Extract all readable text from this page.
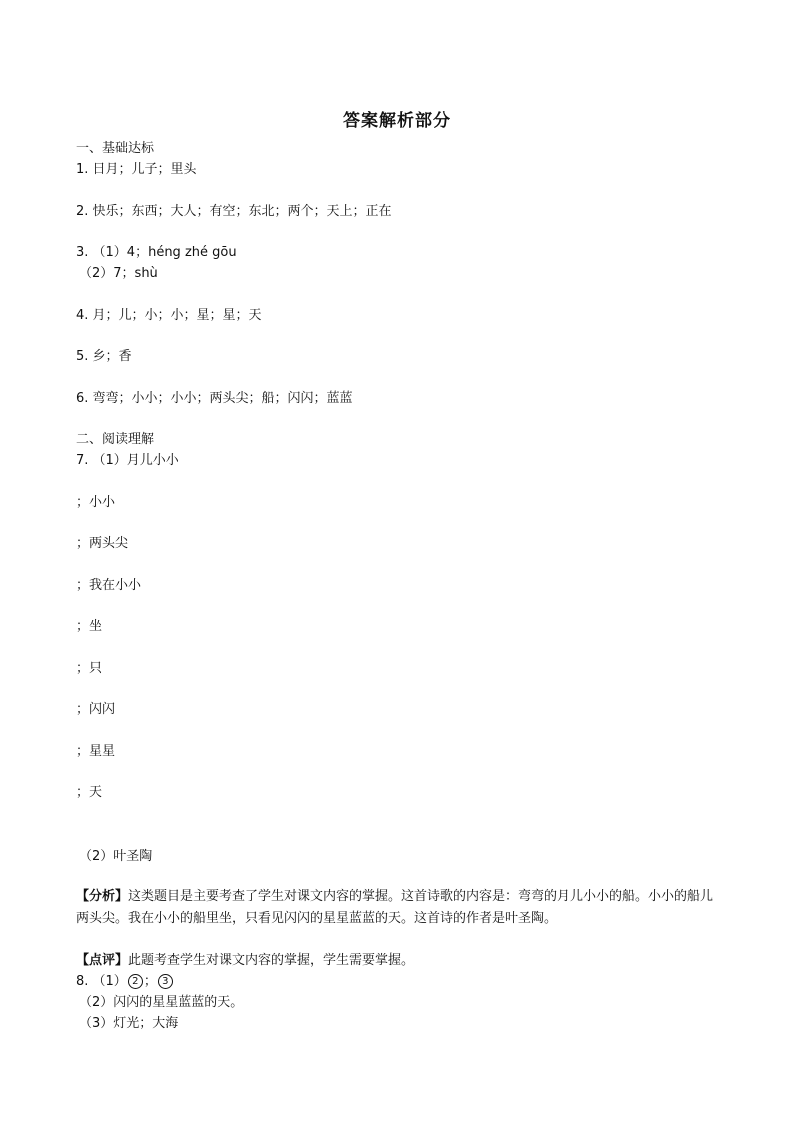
答案解析部分
一、基础达标
1. 日月；儿子；里头
2. 快乐；东西；大人；有空；东北；两个；天上；正在
3. （1）4；héng zhé gōu
（2）7；shù
4. 月；儿；小；小；星；星；天
5. 乡；香
6. 弯弯；小小；小小；两头尖；船；闪闪；蓝蓝
二、阅读理解
7. （1）月儿小小
；小小
；两头尖
；我在小小
；坐
；只
；闪闪
；星星
；天
（2）叶圣陶
【分析】这类题目是主要考查了学生对课文内容的掌握。这首诗歌的内容是：弯弯的月儿小小的船。小小的船儿两头尖。我在小小的船里坐，只看见闪闪的星星蓝蓝的天。这首诗的作者是叶圣陶。
【点评】此题考查学生对课文内容的掌握，学生需要掌握。
8. （1） 2 ； 3
（2）闪闪的星星蓝蓝的天。
（3）灯光；大海
